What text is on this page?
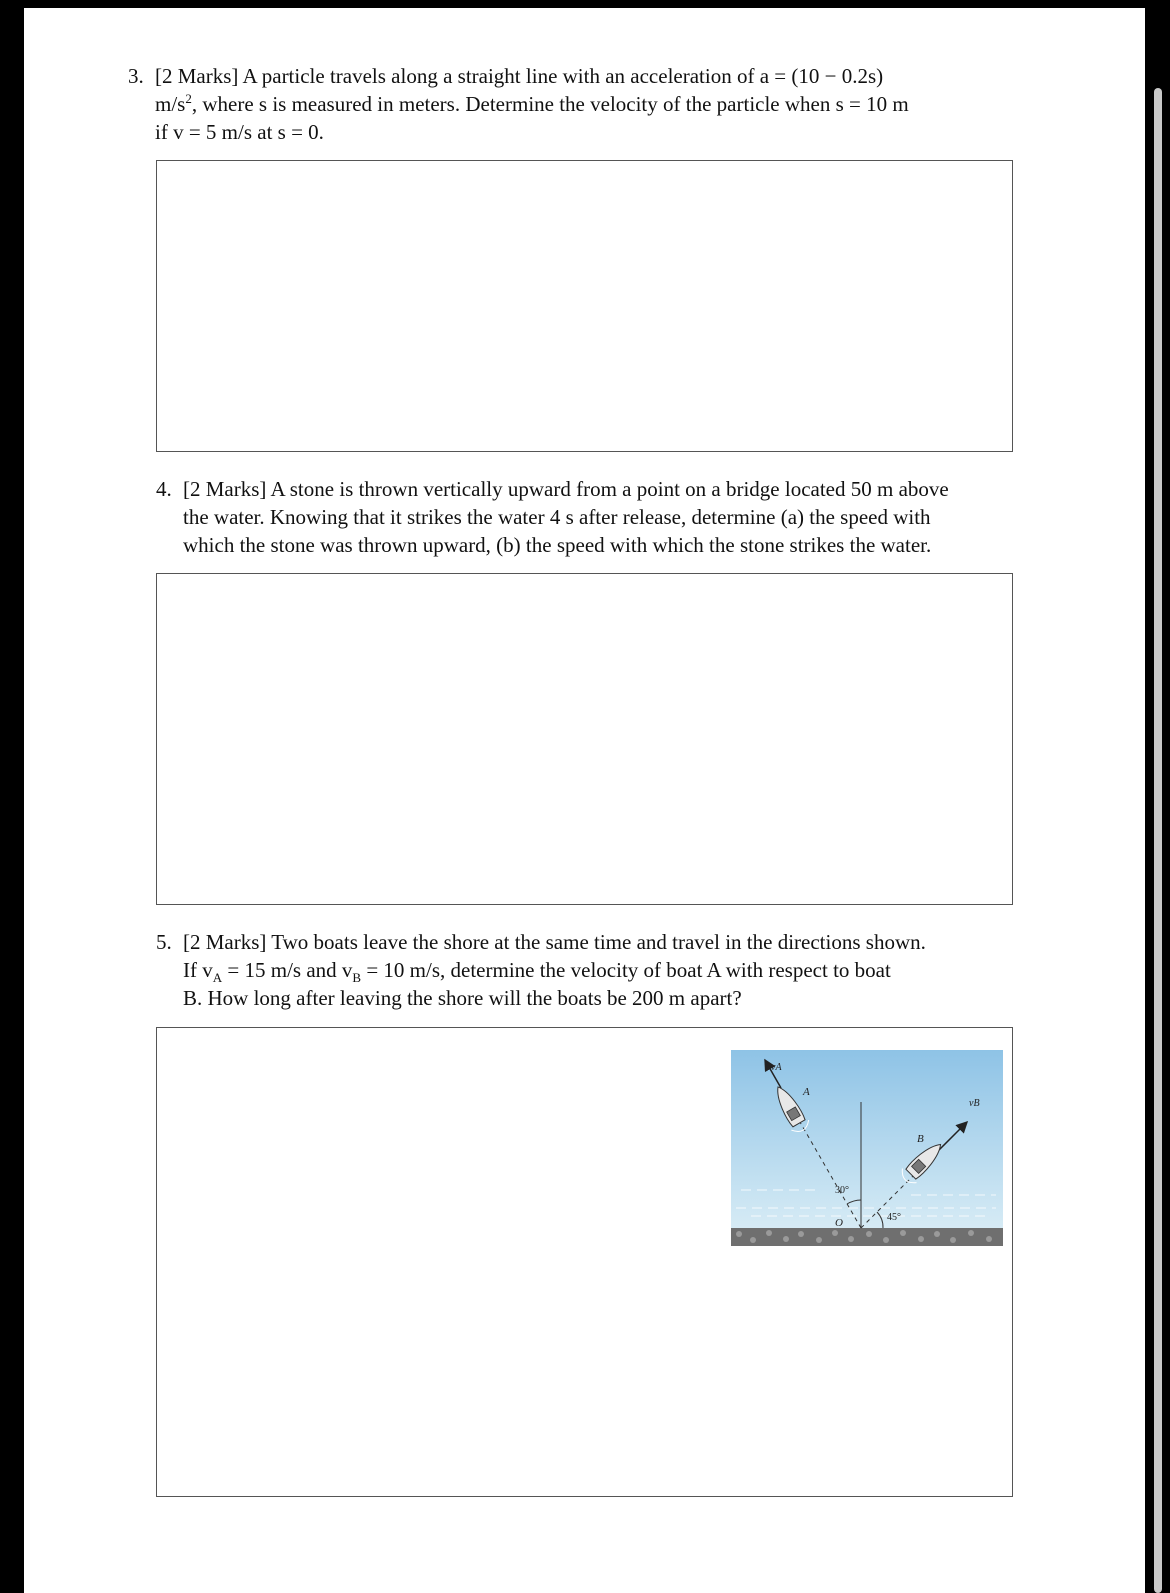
3. [2 Marks] A particle travels along a straight line with an acceleration of a = (10 − 0.2s)
$m/s^2$, where s is measured in meters. Determine the velocity of the particle when s = 10 m
if v = 5 m/s at s = 0.
4. [2 Marks] A stone is thrown vertically upward from a point on a bridge located 50 m above
the water. Knowing that it strikes the water 4 s after release, determine (a) the speed with
which the stone was thrown upward, (b) the speed with which the stone strikes the water.
5. [2 Marks] Two boats leave the shore at the same time and travel in the directions shown.
If $v_A = 15$ m/s and $v_B = 10$ m/s, determine the velocity of boat A with respect to boat
B. How long after leaving the shore will the boats be 200 m apart?
vA
A
vB
B
30°
45°
O
